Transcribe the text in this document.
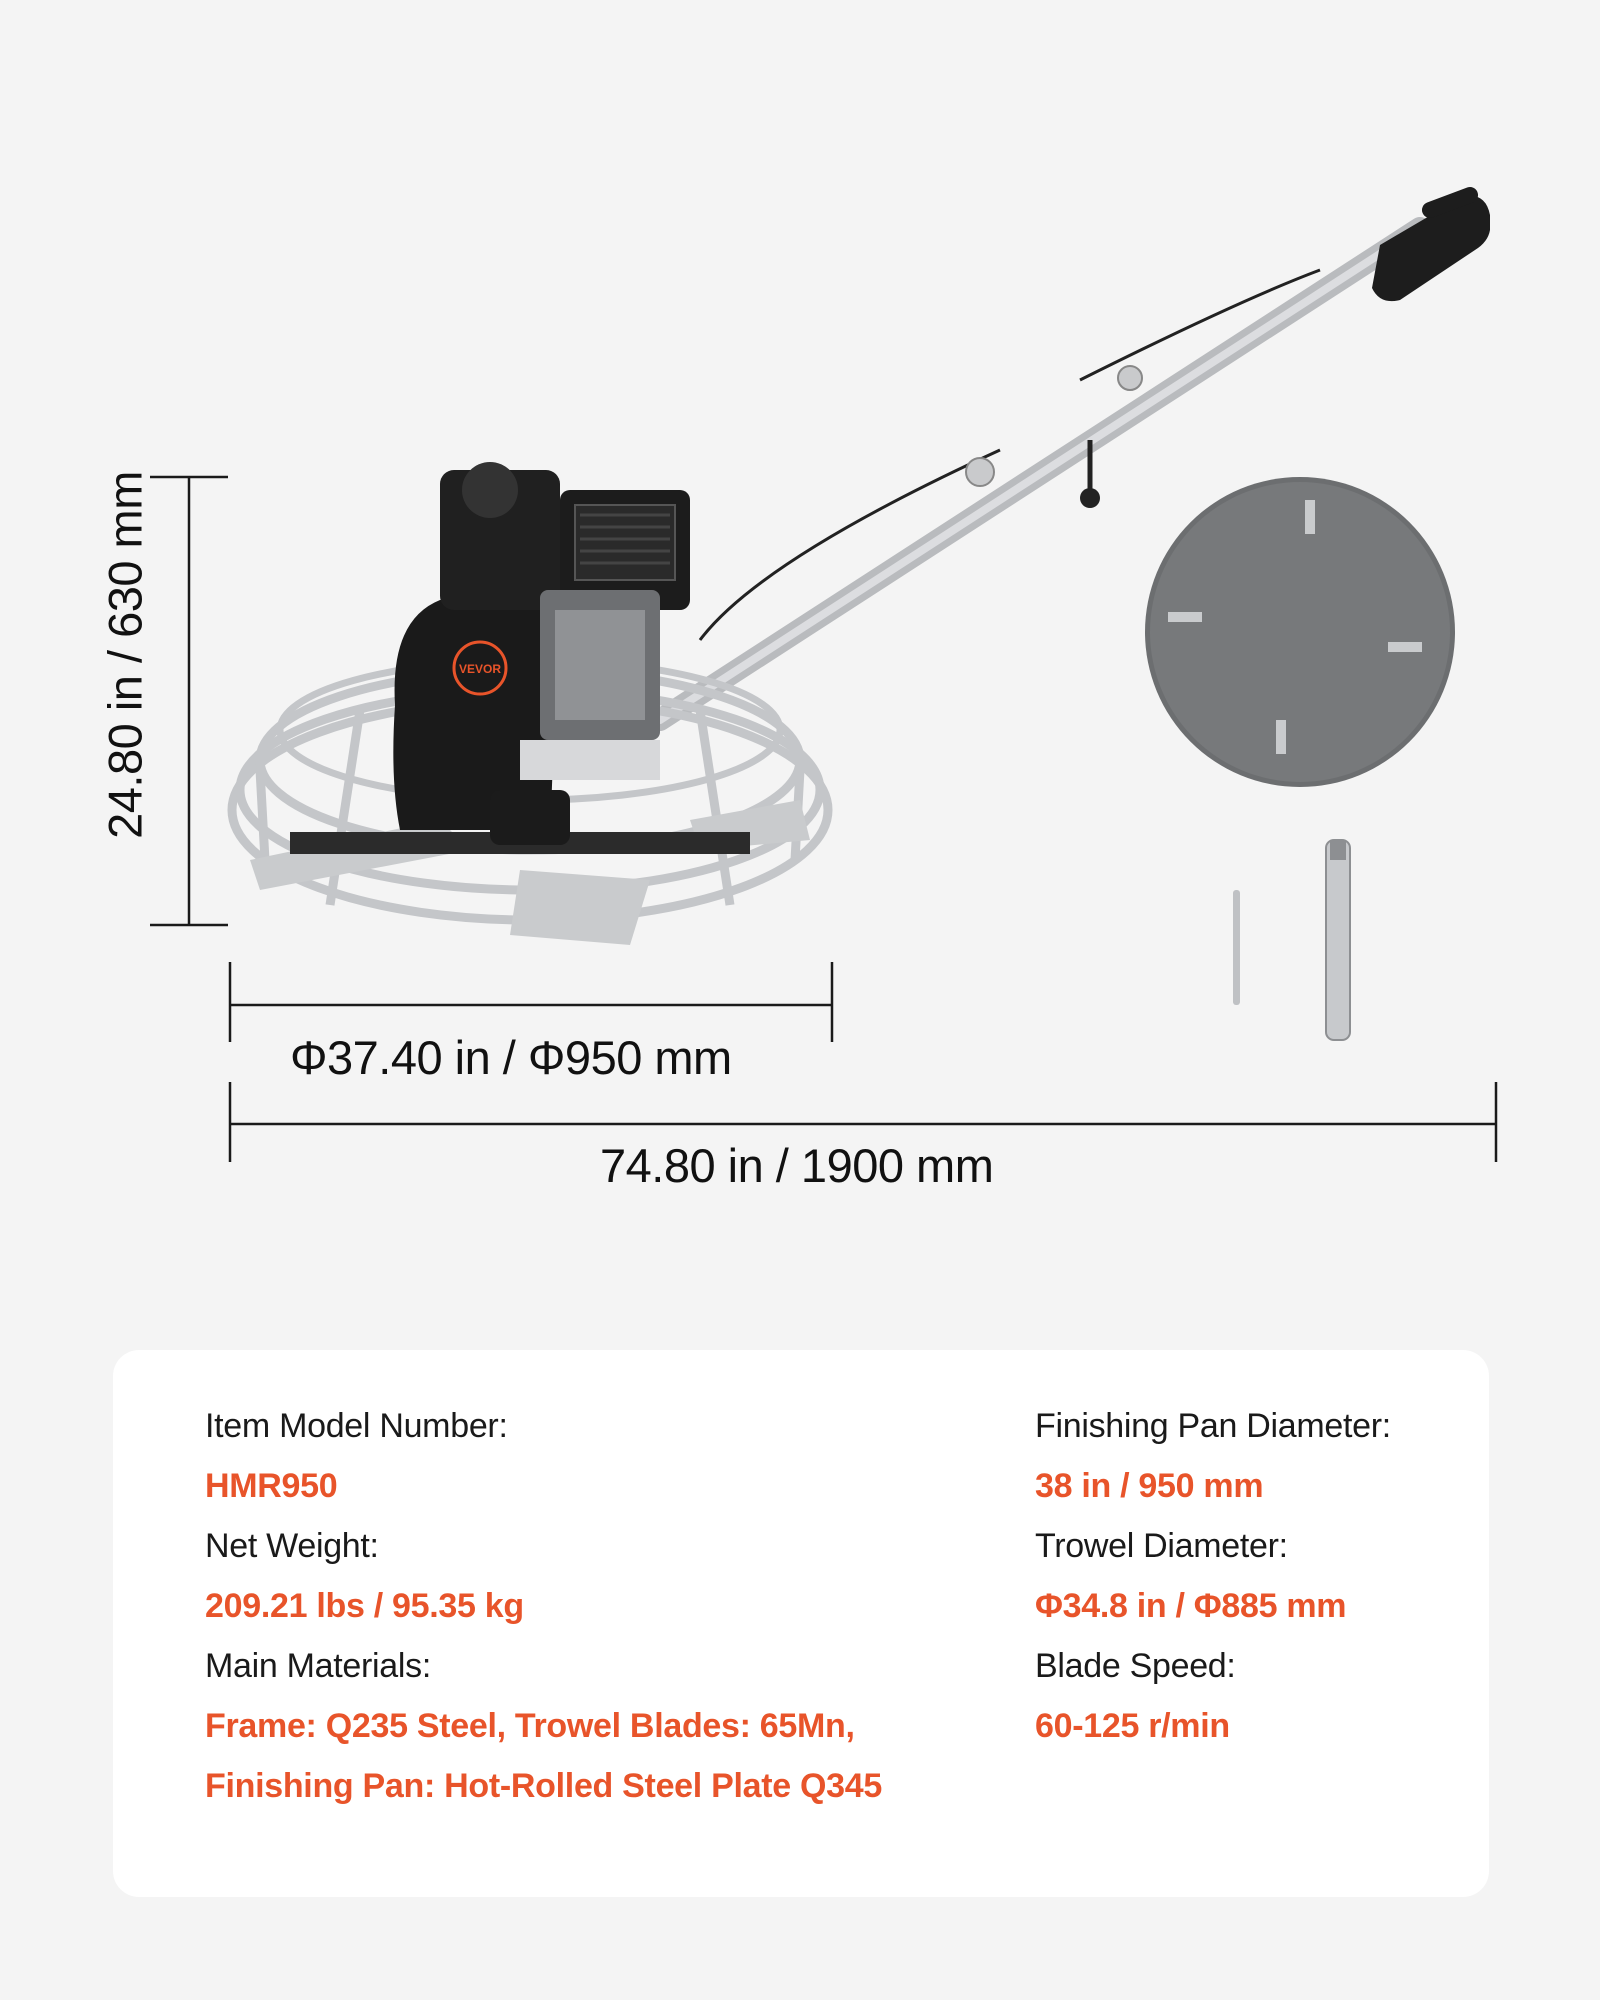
VEVOR
24.80 in / 630 mm
Φ37.40 in / Φ950 mm
74.80 in / 1900 mm
Item Model Number:
HMR950
Net Weight:
209.21 lbs / 95.35 kg
Main Materials:
Frame: Q235 Steel, Trowel Blades: 65Mn,
Finishing Pan: Hot-Rolled Steel Plate Q345
Finishing Pan Diameter:
38 in / 950 mm
Trowel Diameter:
Φ34.8 in / Φ885 mm
Blade Speed:
60-125 r/min
